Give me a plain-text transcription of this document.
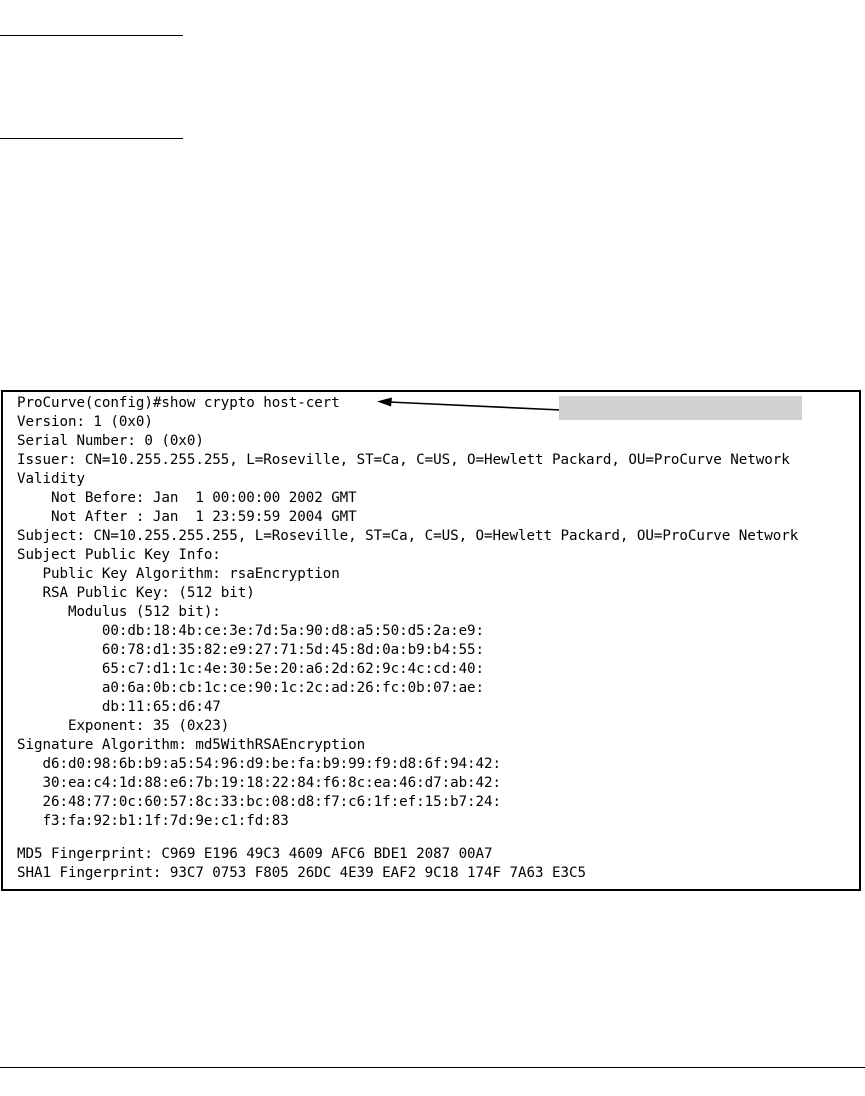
ProCurve(config)#show crypto host-cert
Version: 1 (0x0)
Serial Number: 0 (0x0)
Issuer: CN=10.255.255.255, L=Roseville, ST=Ca, C=US, O=Hewlett Packard, OU=ProCurve Network
Validity
Not Before: Jan  1 00:00:00 2002 GMT
Not After : Jan  1 23:59:59 2004 GMT
Subject: CN=10.255.255.255, L=Roseville, ST=Ca, C=US, O=Hewlett Packard, OU=ProCurve Network
Subject Public Key Info:
Public Key Algorithm: rsaEncryption
RSA Public Key: (512 bit)
Modulus (512 bit):
00:db:18:4b:ce:3e:7d:5a:90:d8:a5:50:d5:2a:e9:
60:78:d1:35:82:e9:27:71:5d:45:8d:0a:b9:b4:55:
65:c7:d1:1c:4e:30:5e:20:a6:2d:62:9c:4c:cd:40:
a0:6a:0b:cb:1c:ce:90:1c:2c:ad:26:fc:0b:07:ae:
db:11:65:d6:47
Exponent: 35 (0x23)
Signature Algorithm: md5WithRSAEncryption
d6:d0:98:6b:b9:a5:54:96:d9:be:fa:b9:99:f9:d8:6f:94:42:
30:ea:c4:1d:88:e6:7b:19:18:22:84:f6:8c:ea:46:d7:ab:42:
26:48:77:0c:60:57:8c:33:bc:08:d8:f7:c6:1f:ef:15:b7:24:
f3:fa:92:b1:1f:7d:9e:c1:fd:83
MD5 Fingerprint: C969 E196 49C3 4609 AFC6 BDE1 2087 00A7
SHA1 Fingerprint: 93C7 0753 F805 26DC 4E39 EAF2 9C18 174F 7A63 E3C5
